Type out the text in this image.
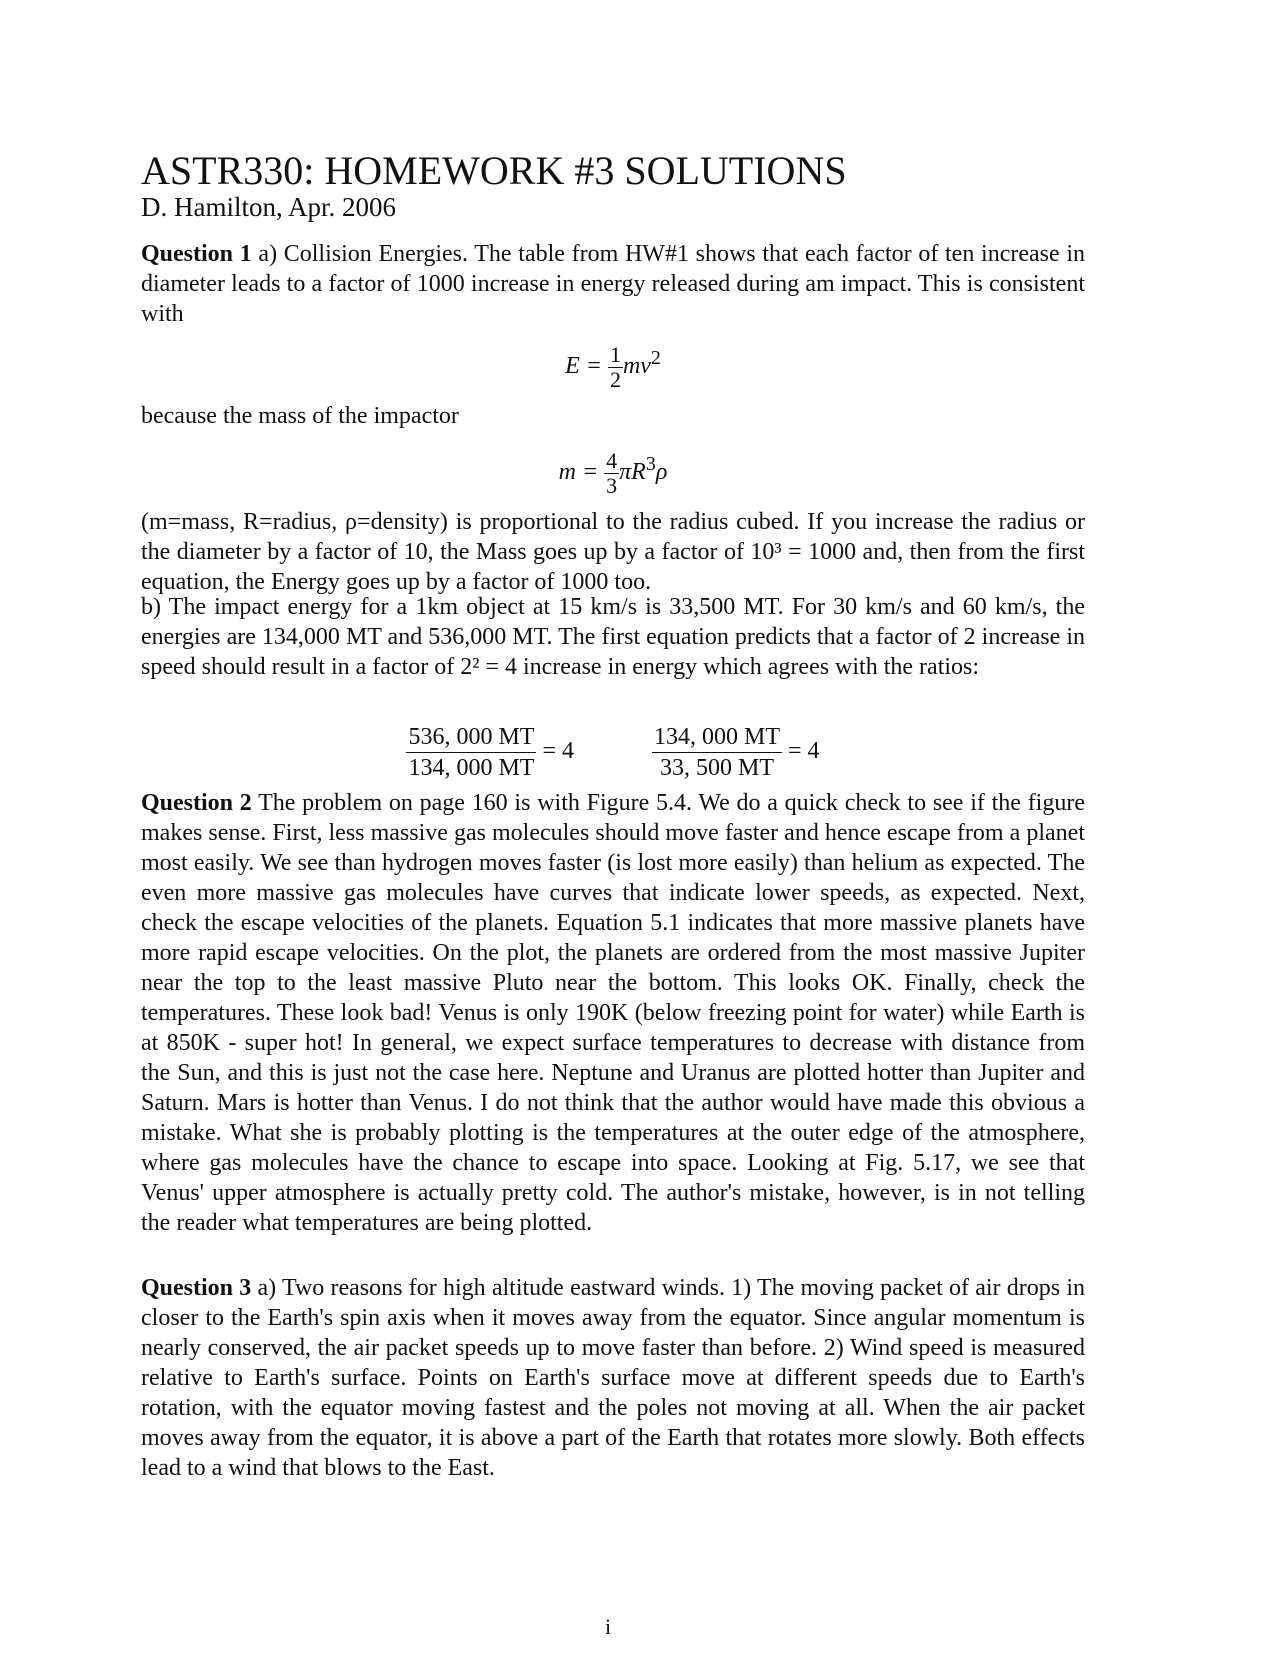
ASTR330: HOMEWORK #3 SOLUTIONS
D. Hamilton, Apr. 2006
Question 1 a) Collision Energies. The table from HW#1 shows that each factor of ten increase in diameter leads to a factor of 1000 increase in energy released during am impact. This is consistent with
$E = \frac{1}{2} mv^2$
because the mass of the impactor
$m = \frac{4}{3} \pi R^3\rho$
(m=mass, R=radius, ρ=density) is proportional to the radius cubed. If you increase the radius or the diameter by a factor of 10, the Mass goes up by a factor of 10³ = 1000 and, then from the first equation, the Energy goes up by a factor of 1000 too.
b) The impact energy for a 1km object at 15 km/s is 33,500 MT. For 30 km/s and 60 km/s, the energies are 134,000 MT and 536,000 MT. The first equation predicts that a factor of 2 increase in speed should result in a factor of 2² = 4 increase in energy which agrees with the ratios:
$\frac{536, 000 MT}{134, 000 MT} = 4$	$\frac{134, 000 MT}{33, 500 MT} = 4$
Question 2 The problem on page 160 is with Figure 5.4. We do a quick check to see if the figure makes sense. First, less massive gas molecules should move faster and hence escape from a planet most easily. We see than hydrogen moves faster (is lost more easily) than helium as expected. The even more massive gas molecules have curves that indicate lower speeds, as expected. Next, check the escape velocities of the planets. Equation 5.1 indicates that more massive planets have more rapid escape velocities. On the plot, the planets are ordered from the most massive Jupiter near the top to the least massive Pluto near the bottom. This looks OK. Finally, check the temperatures. These look bad! Venus is only 190K (below freezing point for water) while Earth is at 850K - super hot! In general, we expect surface temperatures to decrease with distance from the Sun, and this is just not the case here. Neptune and Uranus are plotted hotter than Jupiter and Saturn. Mars is hotter than Venus. I do not think that the author would have made this obvious a mistake. What she is probably plotting is the temperatures at the outer edge of the atmosphere, where gas molecules have the chance to escape into space. Looking at Fig. 5.17, we see that Venus' upper atmosphere is actually pretty cold. The author's mistake, however, is in not telling the reader what temperatures are being plotted.
Question 3 a) Two reasons for high altitude eastward winds. 1) The moving packet of air drops in closer to the Earth's spin axis when it moves away from the equator. Since angular momentum is nearly conserved, the air packet speeds up to move faster than before. 2) Wind speed is measured relative to Earth's surface. Points on Earth's surface move at different speeds due to Earth's rotation, with the equator moving fastest and the poles not moving at all. When the air packet moves away from the equator, it is above a part of the Earth that rotates more slowly. Both effects lead to a wind that blows to the East.
i
